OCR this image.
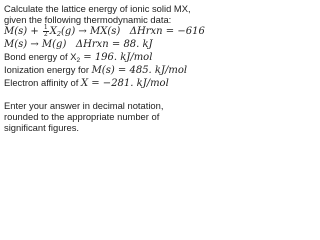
Calculate the lattice energy of ionic solid MX,
given the following thermodynamic data:
$M(s) + \frac{1}{2} X_2(g) \to MX(s)$ ΔHrxn = −616
M(s) → M(g) ΔHrxn = 88. kJ
Bond energy of $X_2 = 196$. kJ/mol
Ionization energy for M(s) = 485. kJ/mol
Electron affinity of X = −281. kJ/mol
Enter your answer in decimal notation,
rounded to the appropriate number of
significant figures.
